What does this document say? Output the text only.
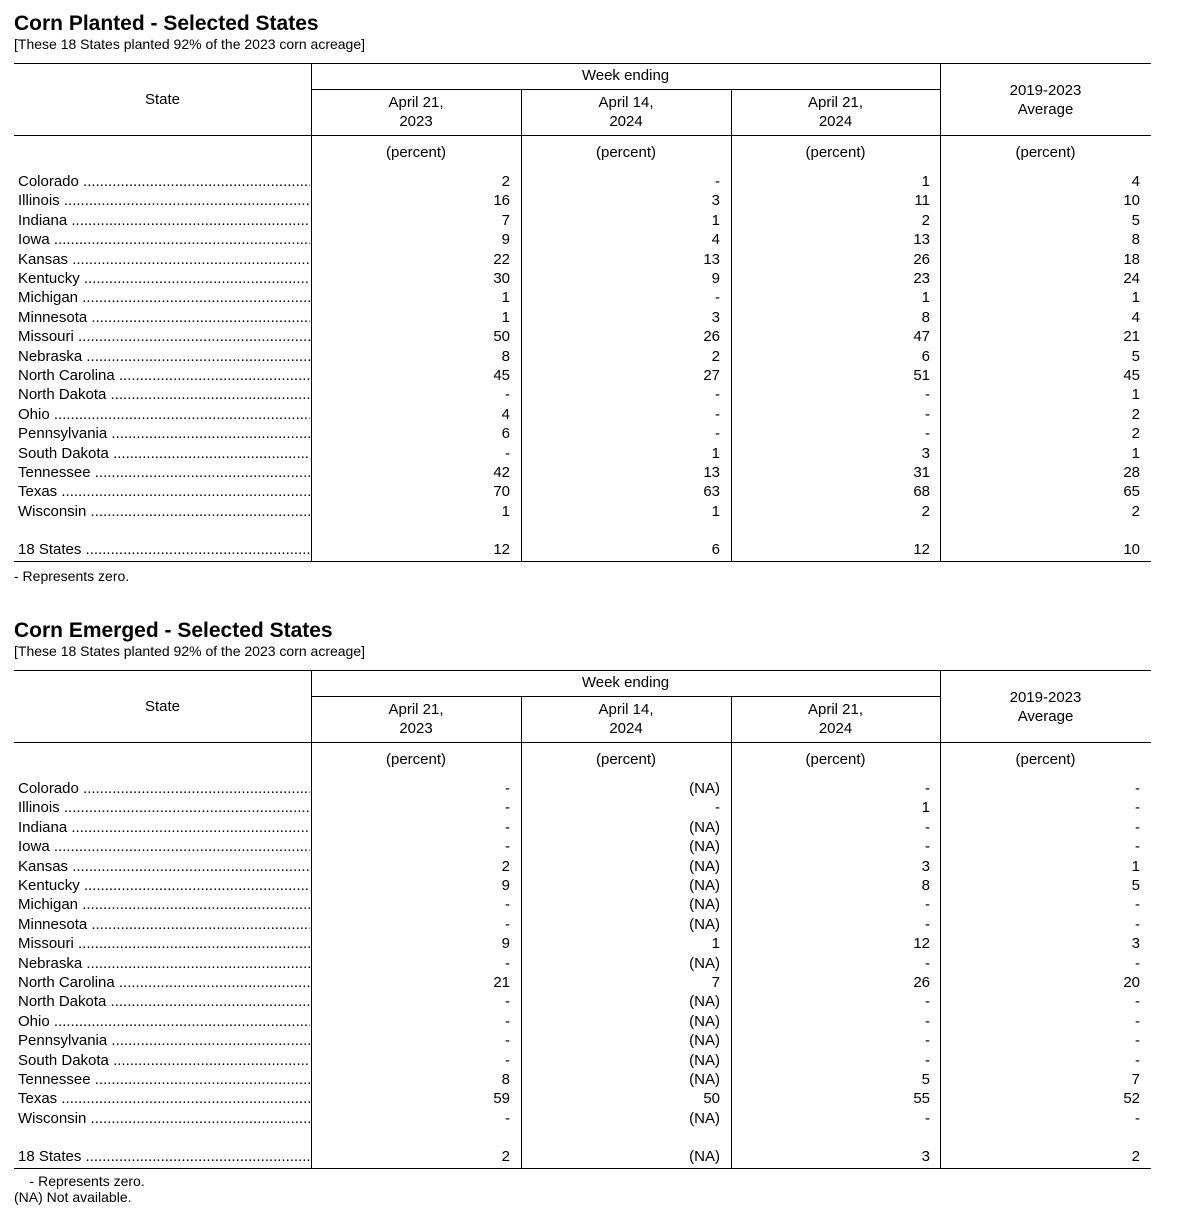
Corn Planted - Selected States
[These 18 States planted 92% of the 2023 corn acreage]
State
Week ending
April 21,
2023
April 14,
2024
April 21,
2024
2019-2023
Average
(percent)	(percent)	(percent)	(percent)
Colorado .....	2	-	1	4
Illinois .....	16	3	11	10
Indiana .....	7	1	2	5
Iowa .....	9	4	13	8
Kansas .....	22	13	26	18
Kentucky .....	30	9	23	24
Michigan .....	1	-	1	1
Minnesota .....	1	3	8	4
Missouri .....	50	26	47	21
Nebraska .....	8	2	6	5
North Carolina .....	45	27	51	45
North Dakota .....	-	-	-	1
Ohio .....	4	-	-	2
Pennsylvania .....	6	-	-	2
South Dakota .....	-	1	3	1
Tennessee .....	42	13	31	28
Texas .....	70	63	68	65
Wisconsin .....	1	1	2	2
18 States .....	12	6	12	10
- Represents zero.
Corn Emerged - Selected States
[These 18 States planted 92% of the 2023 corn acreage]
State
Week ending
April 21,
2023
April 14,
2024
April 21,
2024
2019-2023
Average
(percent)	(percent)	(percent)	(percent)
Colorado .....	-	(NA)	-	-
Illinois .....	-	-	1	-
Indiana .....	-	(NA)	-	-
Iowa .....	-	(NA)	-	-
Kansas .....	2	(NA)	3	1
Kentucky .....	9	(NA)	8	5
Michigan .....	-	(NA)	-	-
Minnesota .....	-	(NA)	-	-
Missouri .....	9	1	12	3
Nebraska .....	-	(NA)	-	-
North Carolina .....	21	7	26	20
North Dakota .....	-	(NA)	-	-
Ohio .....	-	(NA)	-	-
Pennsylvania .....	-	(NA)	-	-
South Dakota .....	-	(NA)	-	-
Tennessee .....	8	(NA)	5	7
Texas .....	59	50	55	52
Wisconsin .....	-	(NA)	-	-
18 States .....	2	(NA)	3	2
- Represents zero.
(NA) Not available.
